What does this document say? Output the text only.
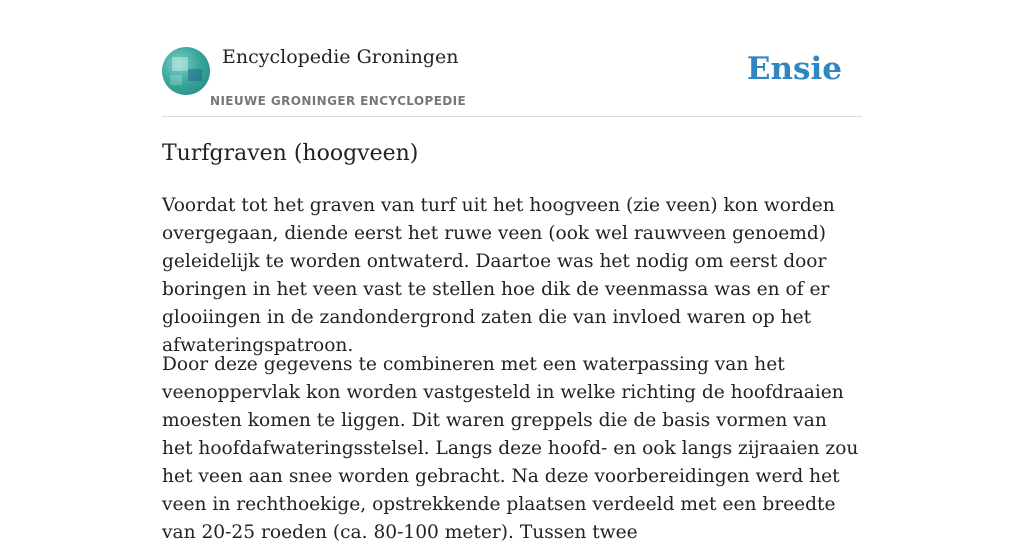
Encyclopedie Groningen
NIEUWE GRONINGER ENCYCLOPEDIE
Ensie
Turfgraven (hoogveen)

Voordat tot het graven van turf uit het hoogveen (zie veen) kon worden overgegaan, diende eerst het ruwe veen (ook wel rauwveen genoemd) geleidelijk te worden ontwaterd. Daartoe was het nodig om eerst door boringen in het veen vast te stellen hoe dik de veenmassa was en of er glooiingen in de zandondergrond zaten die van invloed waren op het afwateringspatroon.

Door deze gegevens te combineren met een waterpassing van het veenoppervlak kon worden vastgesteld in welke richting de hoofdraaien moesten komen te liggen. Dit waren greppels die de basis vormen van het hoofdafwateringsstelsel. Langs deze hoofd- en ook langs zijraaien zou het veen aan snee worden gebracht. Na deze voorbereidingen werd het veen in rechthoekige, opstrekkende plaatsen verdeeld met een breedte van 20-25 roeden (ca. 80-100 meter). Tussen twee
